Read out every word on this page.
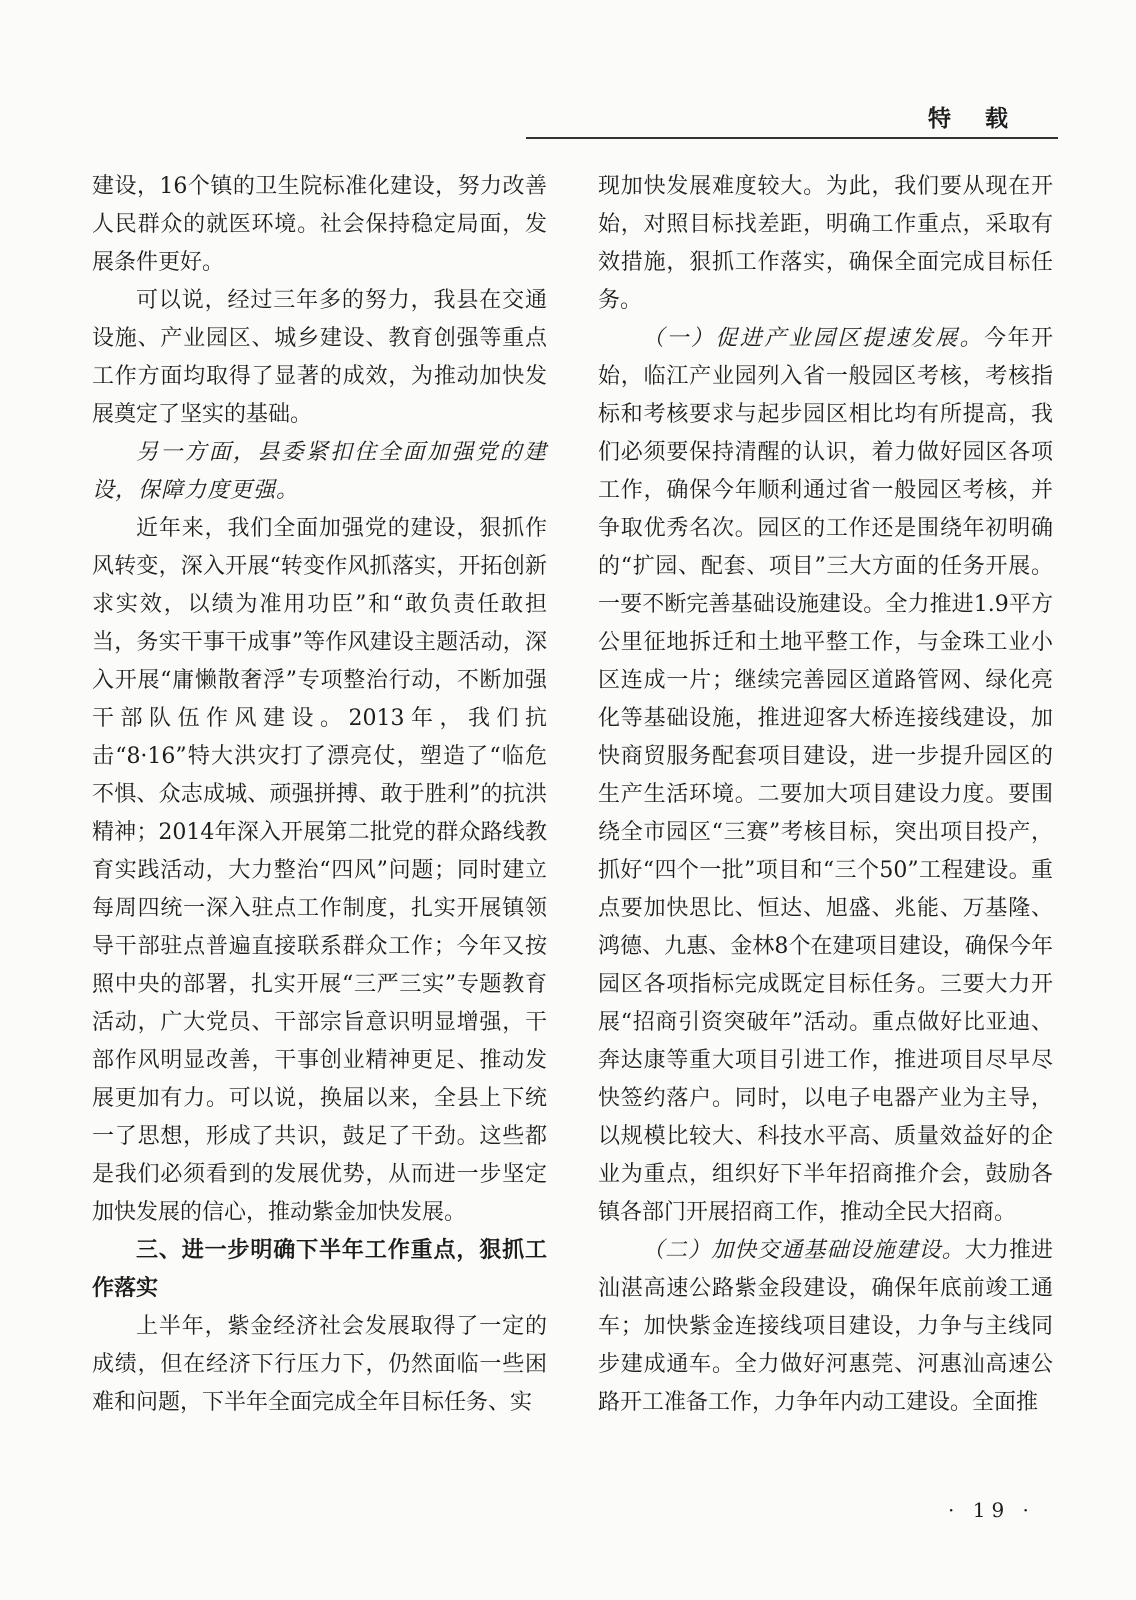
特载

建设，16个镇的卫生院标准化建设，努力改善人民群众的就医环境。社会保持稳定局面，发展条件更好。

可以说，经过三年多的努力，我县在交通设施、产业园区、城乡建设、教育创强等重点工作方面均取得了显著的成效，为推动加快发展奠定了坚实的基础。

另一方面，县委紧扣住全面加强党的建设，保障力度更强。

近年来，我们全面加强党的建设，狠抓作风转变，深入开展“转变作风抓落实，开拓创新求实效，以绩为准用功臣”和“敢负责任敢担当，务实干事干成事”等作风建设主题活动，深入开展“庸懒散奢浮”专项整治行动，不断加强干部队伍作风建设。2013年，我们抗击“8·16”特大洪灾打了漂亮仗，塑造了“临危不惧、众志成城、顽强拼搏、敢于胜利”的抗洪精神；2014年深入开展第二批党的群众路线教育实践活动，大力整治“四风”问题；同时建立每周四统一深入驻点工作制度，扎实开展镇领导干部驻点普遍直接联系群众工作；今年又按照中央的部署，扎实开展“三严三实”专题教育活动，广大党员、干部宗旨意识明显增强，干部作风明显改善，干事创业精神更足、推动发展更加有力。可以说，换届以来，全县上下统一了思想，形成了共识，鼓足了干劲。这些都是我们必须看到的发展优势，从而进一步坚定加快发展的信心，推动紫金加快发展。

三、进一步明确下半年工作重点，狠抓工作落实

上半年，紫金经济社会发展取得了一定的成绩，但在经济下行压力下，仍然面临一些困难和问题，下半年全面完成全年目标任务、实

现加快发展难度较大。为此，我们要从现在开始，对照目标找差距，明确工作重点，采取有效措施，狠抓工作落实，确保全面完成目标任务。

（一）促进产业园区提速发展。今年开始，临江产业园列入省一般园区考核，考核指标和考核要求与起步园区相比均有所提高，我们必须要保持清醒的认识，着力做好园区各项工作，确保今年顺利通过省一般园区考核，并争取优秀名次。园区的工作还是围绕年初明确的“扩园、配套、项目”三大方面的任务开展。一要不断完善基础设施建设。全力推进1.9平方公里征地拆迁和土地平整工作，与金珠工业小区连成一片；继续完善园区道路管网、绿化亮化等基础设施，推进迎客大桥连接线建设，加快商贸服务配套项目建设，进一步提升园区的生产生活环境。二要加大项目建设力度。要围绕全市园区“三赛”考核目标，突出项目投产，抓好“四个一批”项目和“三个50”工程建设。重点要加快思比、恒达、旭盛、兆能、万基隆、鸿德、九惠、金林8个在建项目建设，确保今年园区各项指标完成既定目标任务。三要大力开展“招商引资突破年”活动。重点做好比亚迪、奔达康等重大项目引进工作，推进项目尽早尽快签约落户。同时，以电子电器产业为主导，以规模比较大、科技水平高、质量效益好的企业为重点，组织好下半年招商推介会，鼓励各镇各部门开展招商工作，推动全民大招商。

（二）加快交通基础设施建设。大力推进汕湛高速公路紫金段建设，确保年底前竣工通车；加快紫金连接线项目建设，力争与主线同步建成通车。全力做好河惠莞、河惠汕高速公路开工准备工作，力争年内动工建设。全面推

· 19 ·
